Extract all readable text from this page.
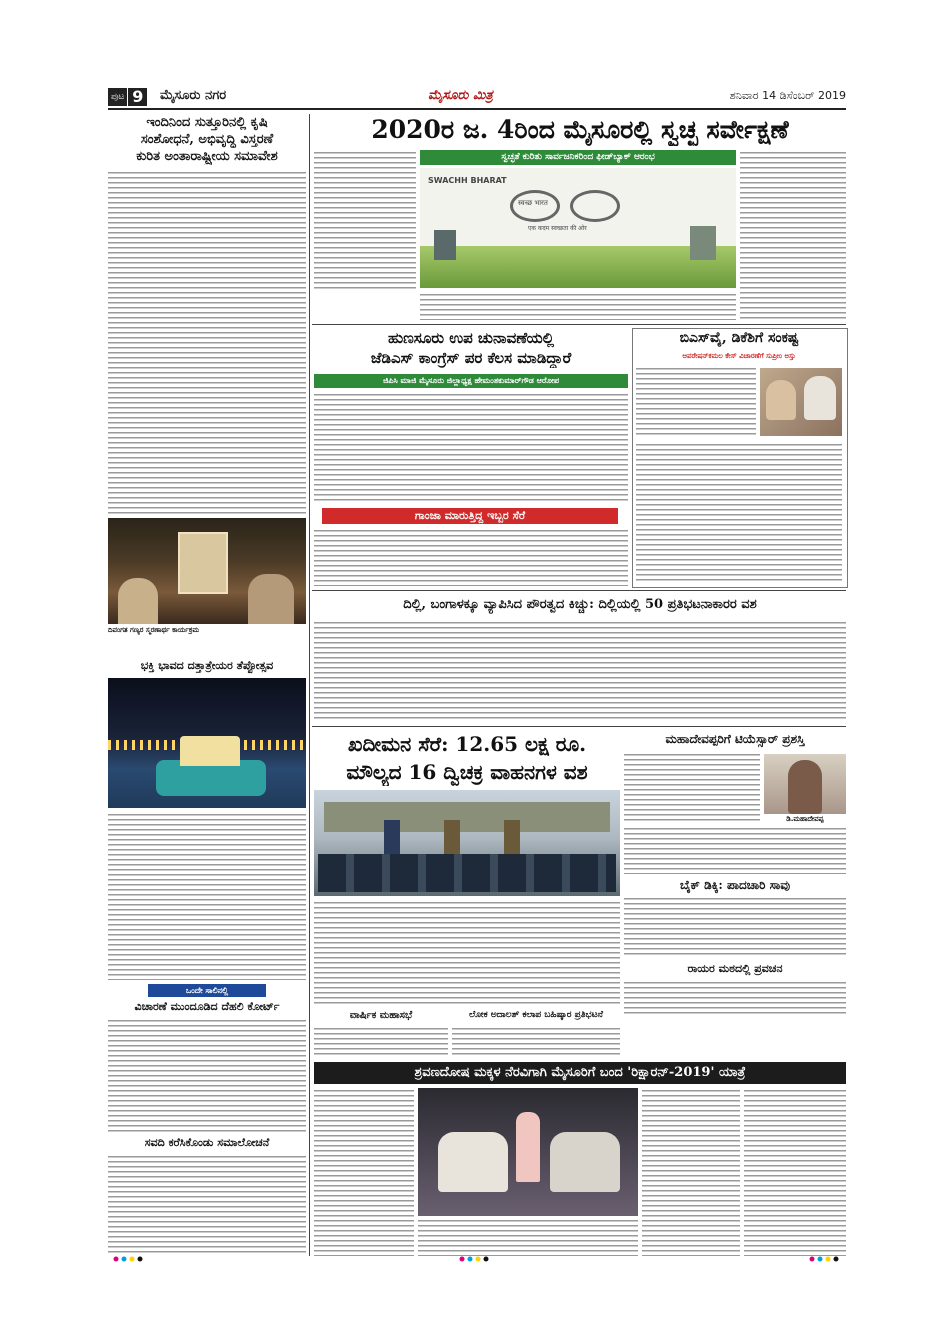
ಪುಟ 9	ಮೈಸೂರು ನಗರ	ಮೈಸೂರು ಮಿತ್ರ	ಶನಿವಾರ 14 ಡಿಸೆಂಬರ್ 2019
ಇಂದಿನಿಂದ ಸುತ್ತೂರಿನಲ್ಲಿ ಕೃಷಿ
ಸಂಶೋಧನೆ, ಅಭಿವೃದ್ಧಿ ವಿಸ್ತರಣೆ
ಕುರಿತ ಅಂತಾರಾಷ್ಟ್ರೀಯ ಸಮಾವೇಶ
ದಿವಂಗತ ಗಣ್ಯರ ಸ್ಮರಣಾರ್ಥ ಕಾರ್ಯಕ್ರಮ
ಭಕ್ತಿ ಭಾವದ ದತ್ತಾತ್ರೇಯರ ತೆಪ್ಪೋತ್ಸವ
ಒಂದೇ ಸಾಲಿನಲ್ಲಿ
ವಿಚಾರಣೆ ಮುಂದೂಡಿದ ದೆಹಲಿ ಕೋರ್ಟ್
ಸವದಿ ಕರೆಸಿಕೊಂಡು ಸಮಾಲೋಚನೆ
2020ರ ಜ. 4ರಿಂದ ಮೈಸೂರಲ್ಲಿ ಸ್ವಚ್ಛ ಸರ್ವೇಕ್ಷಣೆ
ಸ್ವಚ್ಛತೆ ಕುರಿತು ಸಾರ್ವಜನಿಕರಿಂದ ಫೀಡ್‌ಬ್ಯಾಕ್ ಆರಂಭ
SWACHH BHARAT
स्वच्छ भारत
एक कदम स्वच्छता की ओर
ಹುಣಸೂರು ಉಪ ಚುನಾವಣೆಯಲ್ಲಿ
ಜೆಡಿಎಸ್ ಕಾಂಗ್ರೆಸ್ ಪರ ಕೆಲಸ ಮಾಡಿದ್ದಾರೆ
ಜಿಪಿಸಿ ಮಾಜಿ ಮೈಸೂರು ಜಿಲ್ಲಾಧ್ಯಕ್ಷ ಹೇಮಂತಕುಮಾರ್‌ಗೌಡ ಆರೋಪ
ಗಾಂಜಾ ಮಾರುತ್ತಿದ್ದ ಇಬ್ಬರ ಸೆರೆ
ಬಿಎಸ್‌ವೈ, ಡಿಕೆಶಿಗೆ ಸಂಕಷ್ಟ
ಆಪರೇಷನ್‌ಕಮಲ ಕೇಸ್ ವಿಚಾರಣೆಗೆ ಸುಪ್ರೀಂ ಅಸ್ತು
ದಿಲ್ಲಿ, ಬಂಗಾಳಕ್ಕೂ ವ್ಯಾಪಿಸಿದ ಪೌರತ್ವದ ಕಿಚ್ಚು: ದಿಲ್ಲಿಯಲ್ಲಿ 50 ಪ್ರತಿಭಟನಾಕಾರರ ವಶ
ಖದೀಮನ ಸೆರೆ: 12.65 ಲಕ್ಷ ರೂ.
ಮೌಲ್ಯದ 16 ದ್ವಿಚಕ್ರ ವಾಹನಗಳ ವಶ
ಮಹಾದೇವಪ್ಪರಿಗೆ ಟಿಯೆಸ್ಸಾರ್ ಪ್ರಶಸ್ತಿ
ಡಿ.ಮಹಾದೇವಪ್ಪ
ಬೈಕ್ ಡಿಕ್ಕಿ: ಪಾದಚಾರಿ ಸಾವು
ರಾಯರ ಮಠದಲ್ಲಿ ಪ್ರವಚನ
ವಾರ್ಷಿಕ ಮಹಾಸಭೆ	ಲೋಕ ಅದಾಲತ್ ಕಲಾಪ ಬಹಿಷ್ಕಾರ ಪ್ರತಿಭಟನೆ
ಶ್ರವಣದೋಷ ಮಕ್ಕಳ ನೆರವಿಗಾಗಿ ಮೈಸೂರಿಗೆ ಬಂದ 'ರಿಕ್ಷಾರನ್-2019' ಯಾತ್ರೆ
